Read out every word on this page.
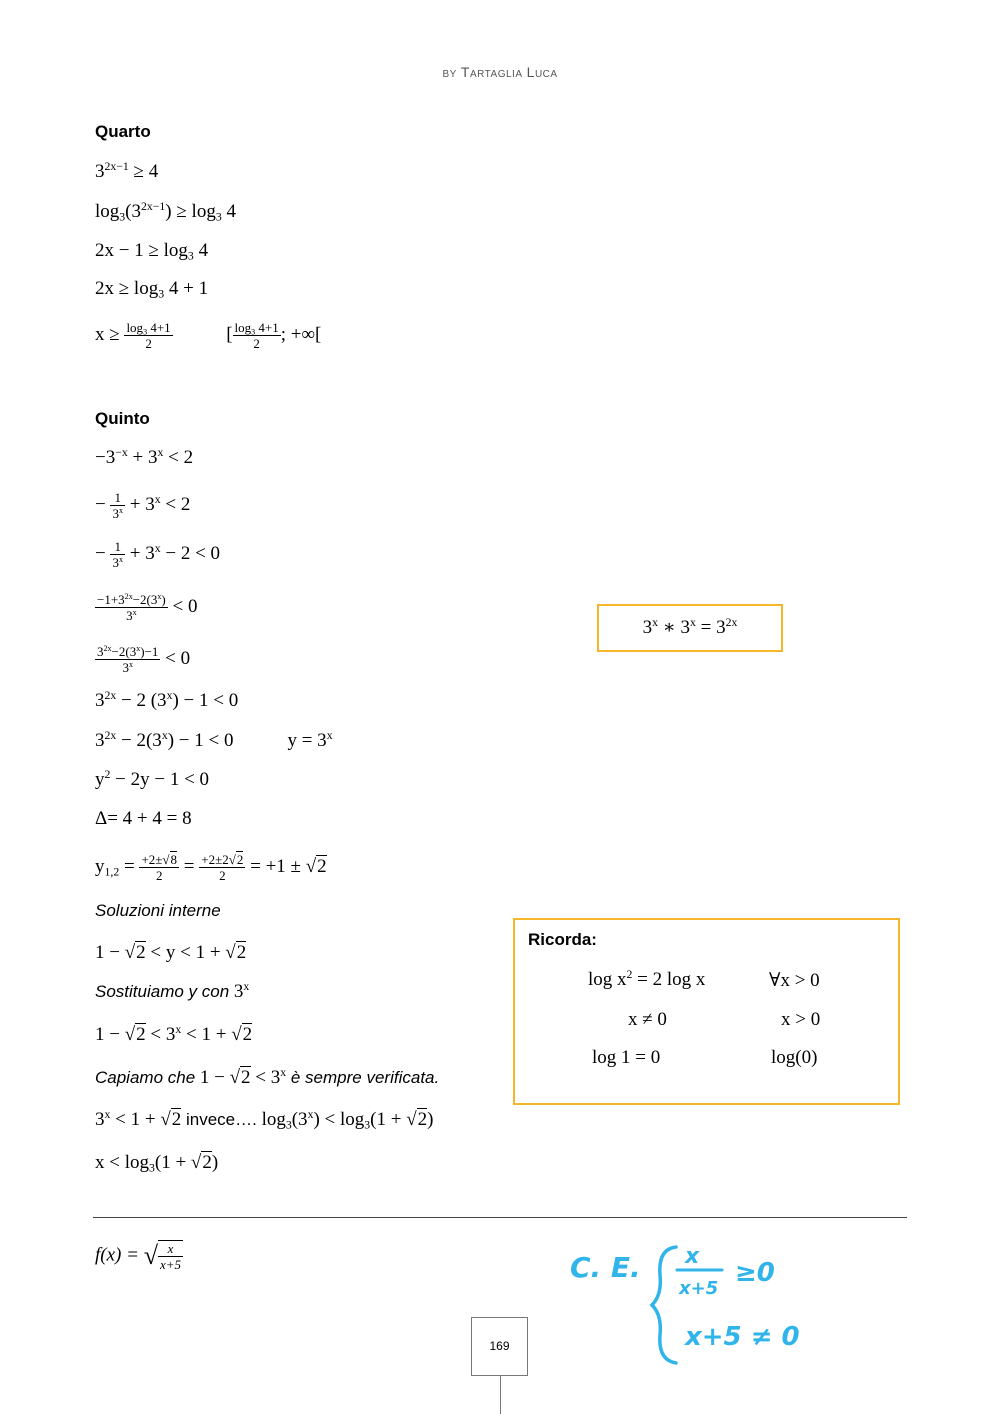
BY TARTAGLIA LUCA
Quarto
$3^{2x-1} \ge 4$
$\log_3(3^{2x-1}) \ge \log_3 4$
$2x - 1 \ge \log_3 4$
$2x \ge \log_3 4 + 1$
$x \ge \frac{\log_3 4+1}{2}$	[ $\frac{\log_3 4+1}{2}$ ; +∞[
Quinto
$-3^{-x} + 3^x < 2$
− $\frac{1}{3^x} + 3^x < 2$
− $\frac{1}{3^x} + 3^x - 2 < 0$
$\frac{-1+3^{2x}-2(3^x)}{3^x} < 0$
$\frac{3^{2x}-2(3^x)-1}{3^x} < 0$
$3^{2x} - 2$ $(3^x) - 1 < 0$
$3^{2x} - 2(3^x) - 1 < 0$	$y = 3^x$
$y^2 - 2y - 1 < 0$
Δ= 4 + 4 = 8
$y_{1,2} = \frac{+2\pm√8}{2} = \frac{+2\pm 2√2}{2} = +1 \pm √2$
Soluzioni interne
1 − √2 < y < 1 + √2
Sostituiamo y con 3$^x$
$1 - √2 < 3^x < 1 + √2$
Capiamo che $1 - √2 < 3^x$ è sempre verificata.
$3^x < 1 + √2$ invece…. $\log_3(3^x) < \log_3(1 + √2)$
$x < \log_3(1 + √2)$
3$^x$ ∗ $3^x = 3^{2x}$
Ricorda:
$\log x^2 = 2$ log x	∀x > 0
x ≠ 0	x > 0
log 1 = 0	log(0)
f(x) = √ $\frac{x}{x+5}$	C. E. x
x+5
≥0
x+5 ≠ 0
169
